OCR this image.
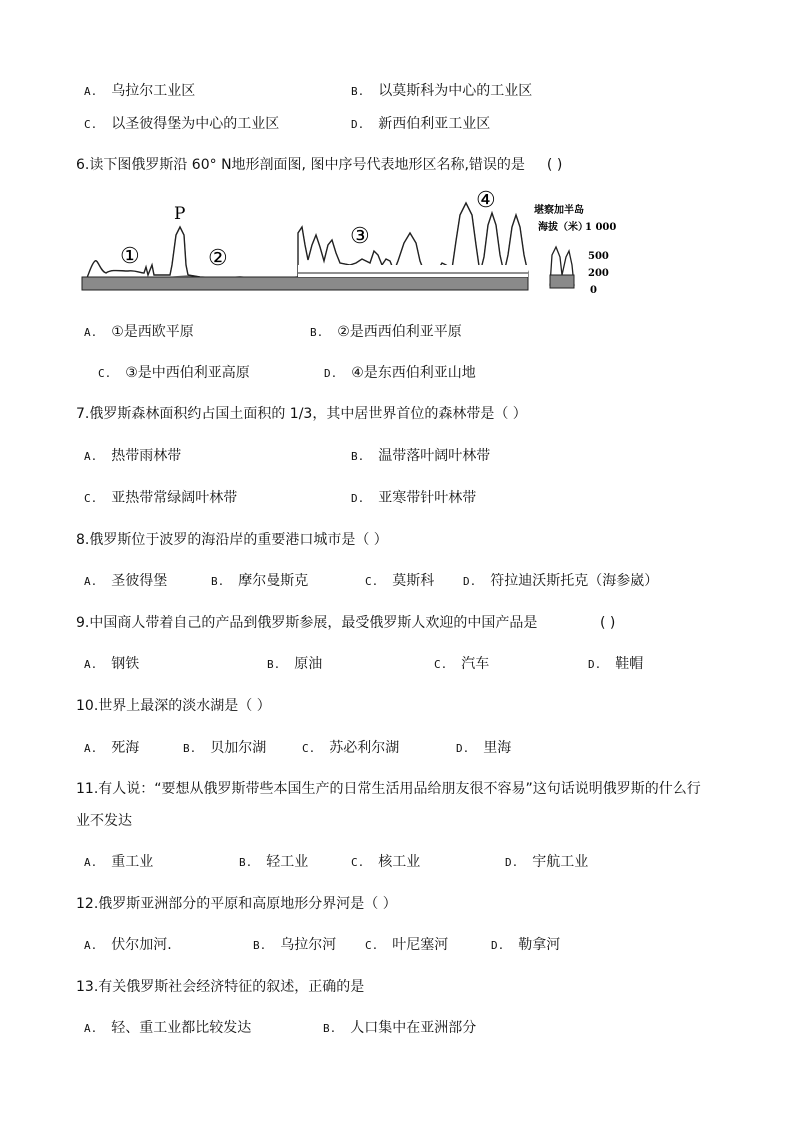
A. 乌拉尔工业区	B. 以莫斯科为中心的工业区
C. 以圣彼得堡为中心的工业区	D. 新西伯利亚工业区
6.读下图俄罗斯沿 60° N地形剖面图, 图中序号代表地形区名称,错误的是 ( )
P
①	②
③
④	堪察加半岛
海拔（米）
1 000
500
200
0
A. ①是西欧平原	B. ②是西西伯利亚平原
C. ③是中西伯利亚高原	D. ④是东西伯利亚山地
7.俄罗斯森林面积约占国土面积的 1/3，其中居世界首位的森林带是（ ）
A. 热带雨林带	B. 温带落叶阔叶林带
C. 亚热带常绿阔叶林带	D. 亚寒带针叶林带
8.俄罗斯位于波罗的海沿岸的重要港口城市是（ ）
A. 圣彼得堡	B. 摩尔曼斯克	C. 莫斯科	D. 符拉迪沃斯托克（海参崴）
9.中国商人带着自己的产品到俄罗斯参展，最受俄罗斯人欢迎的中国产品是	( )
A. 钢铁	B. 原油	C. 汽车	D. 鞋帽
10.世界上最深的淡水湖是（ ）
A. 死海	B. 贝加尔湖	C. 苏必利尔湖	D. 里海
11.有人说：“要想从俄罗斯带些本国生产的日常生活用品给朋友很不容易”这句话说明俄罗斯的什么行
业不发达
A. 重工业	B. 轻工业	C. 核工业	D. 宇航工业
12.俄罗斯亚洲部分的平原和高原地形分界河是（ ）
A. 伏尔加河.	B. 乌拉尔河	C. 叶尼塞河	D. 勒拿河
13.有关俄罗斯社会经济特征的叙述，正确的是
A. 轻、重工业都比较发达	B. 人口集中在亚洲部分
